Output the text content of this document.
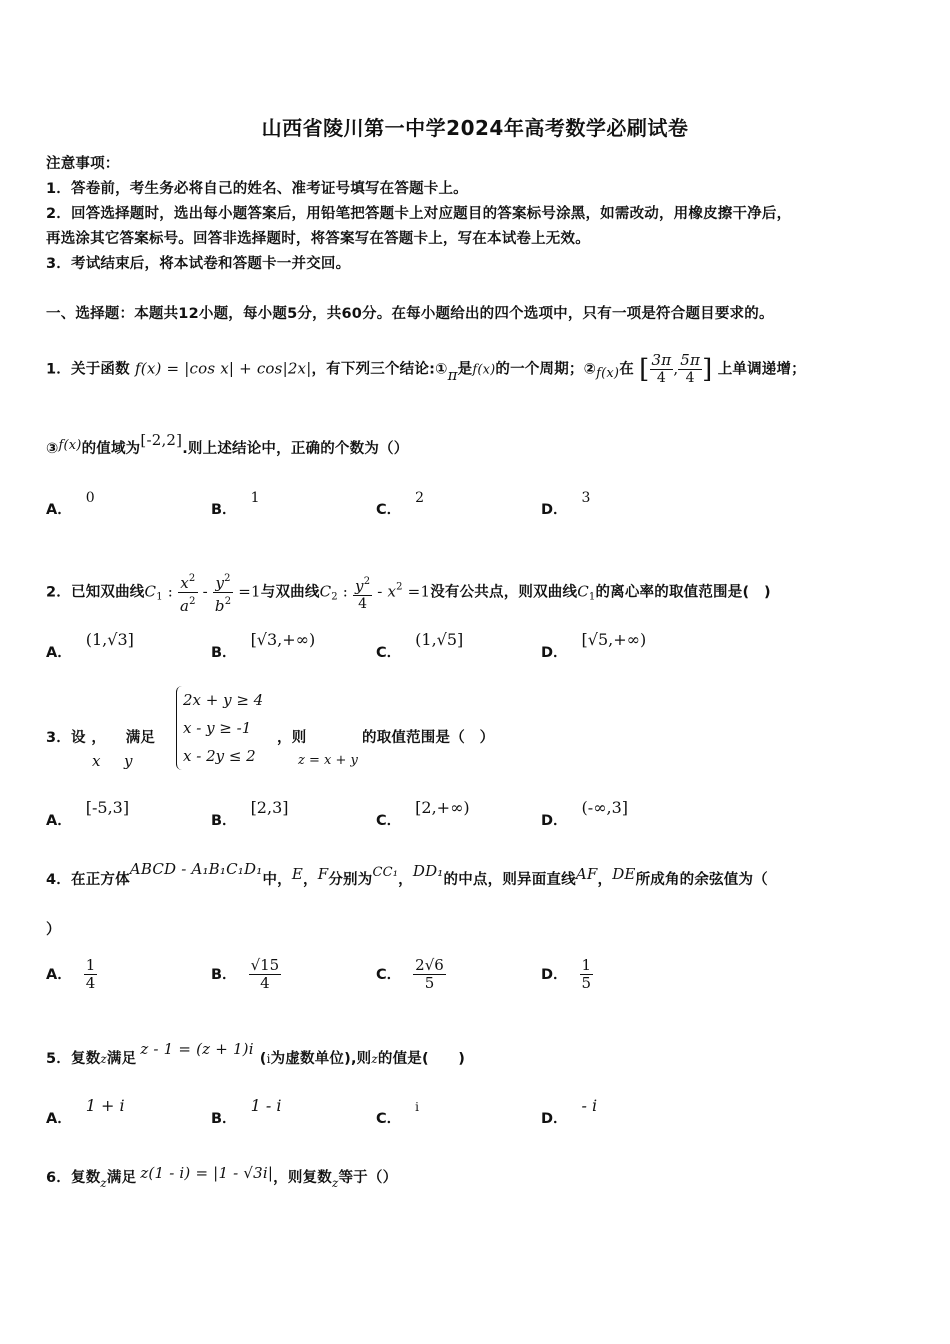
山西省陵川第一中学2024年高考数学必刷试卷
注意事项：
1．答卷前，考生务必将自己的姓名、准考证号填写在答题卡上。
2．回答选择题时，选出每小题答案后，用铅笔把答题卡上对应题目的答案标号涂黑，如需改动，用橡皮擦干净后，
再选涂其它答案标号。回答非选择题时，将答案写在答题卡上，写在本试卷上无效。
3．考试结束后，将本试卷和答题卡一并交回。
一、选择题：本题共12小题，每小题5分，共60分。在每小题给出的四个选项中，只有一项是符合题目要求的。
1．关于函数 f(x) = |cos x| + cos|2x|，有下列三个结论:①π是f(x)的一个周期；②f(x)在 [ $\frac{3\pi}{4}$ , $\frac{5\pi}{4}$ ] 上单调递增；
③f(x)的值域为[-2,2].则上述结论中，正确的个数为（）
A．0
B．1
C．2
D．3
2．已知双曲线$C_1$ : $\frac{x^2}{a^2} - \frac{y^2}{b^2} =1$与双曲线$C_2$ : $\frac{y^2}{4} - x^2 =1$没有公共点，则双曲线$C_1$的离心率的取值范围是(　)
A．(1,√3]
B．[√3,+∞)
C．(1,√5]
D．[√5,+∞)
3．设 ， 满足
x y
2x + y ≥ 4
x - y ≥ -1
x - 2y ≤ 2
，则
z = x + y
的取值范围是（　）
A．[-5,3]
B．[2,3]
C．[2,+∞)
D．(-∞,3]
4．在正方体ABCD - A₁B₁C₁D₁中，E，F分别为CC₁，DD₁的中点，则异面直线AF，DE所成角的余弦值为（
）
A． $\frac{1}{4}$	B． $\frac{√15}{4}$	C． $\frac{2√6}{5}$	D． $\frac{1}{5}$
5．复数z满足z - 1 = (z + 1)i(i为虚数单位),则z的值是(　　)
A．1 + i
B．1 - i
C．$^i$
D．- i
6．复数$_z$满足 z(1 - i) = |1 - √3i|，则复数$_z$等于（）
